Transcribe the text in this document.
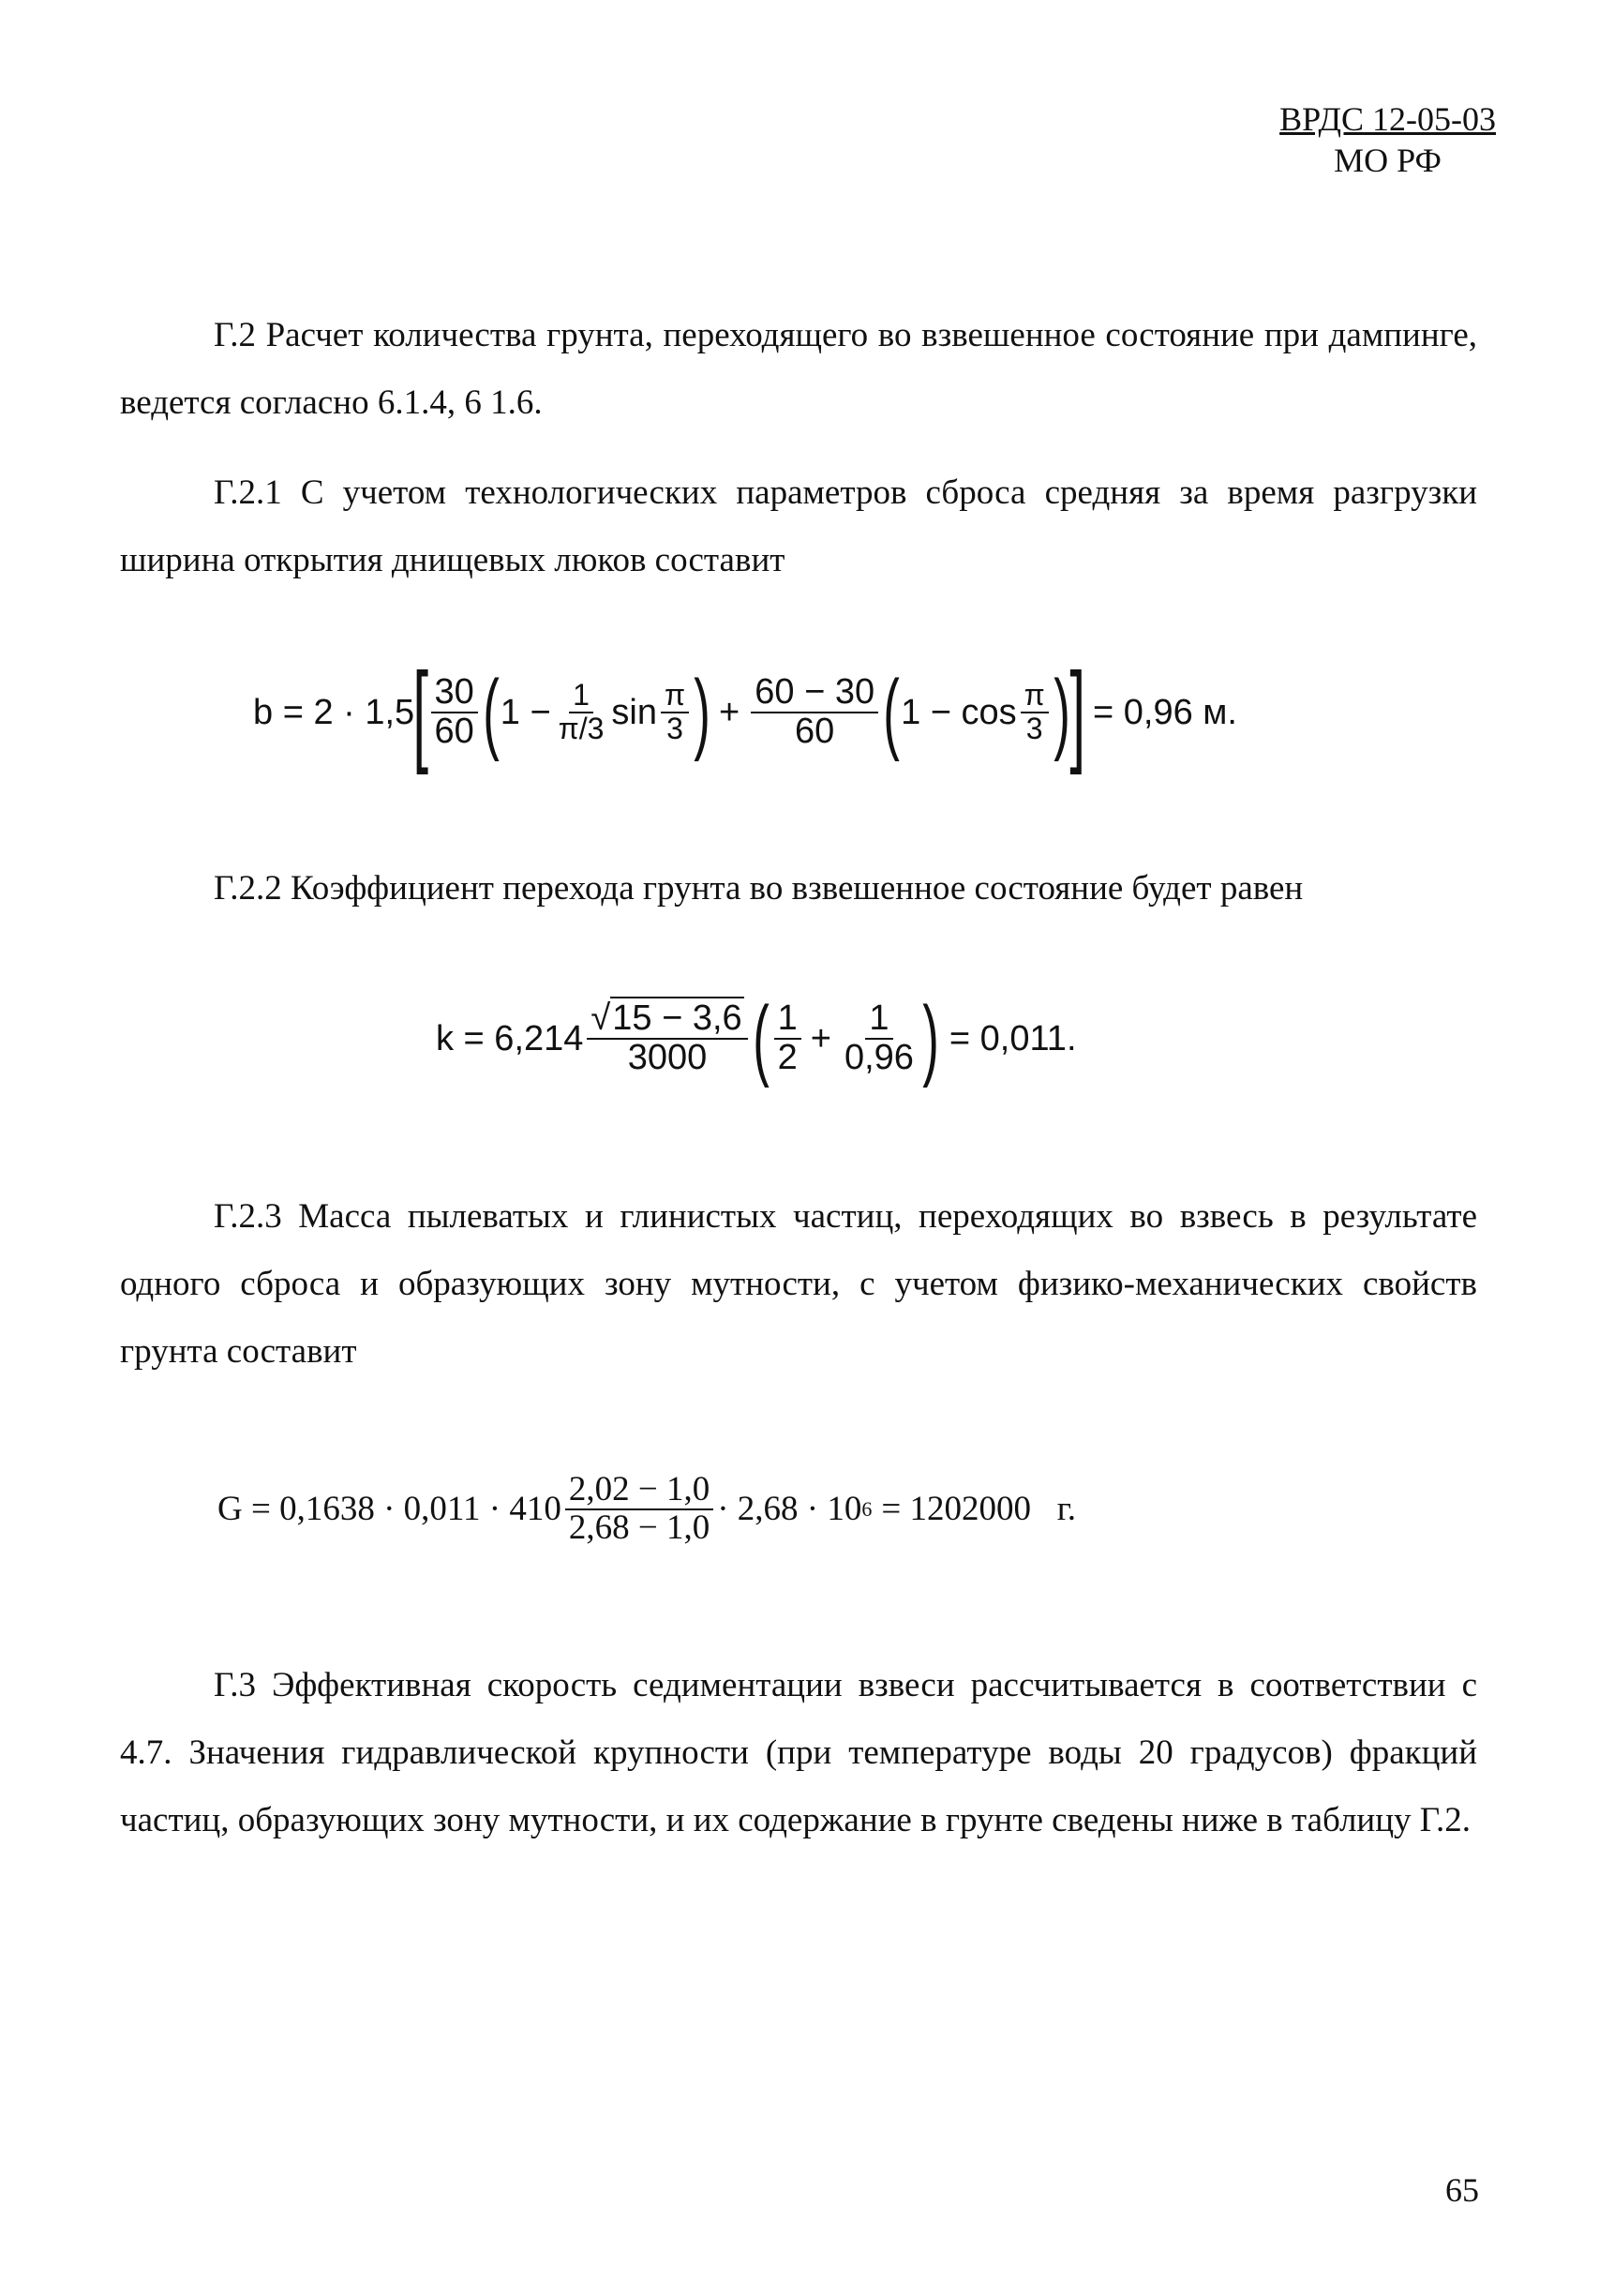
ВРДС 12-05-03
МО РФ

Г.2 Расчет количества грунта, переходящего во взвешенное состояние при дампинге, ведется согласно 6.1.4, 6 1.6.

Г.2.1 С учетом технологических параметров сброса средняя за время разгрузки ширина открытия днищевых люков составит

b = 2 · 1,5
[ $\frac{30}{60}$ ( $1 - \frac{1}{\pi/3}$ $\sin \frac{\pi}{3}$ ) + $\frac{60 - 30}{60}$ ( $1 - \cos \frac{\pi}{3}$ ) ] = 0,96 м.

Г.2.2 Коэффициент перехода грунта во взвешенное состояние будет равен

$k = 6,214 \frac{√15 - 3,6}{3000}$ ( $\frac{1}{2} + \frac{1}{0,96}$ ) = 0,011.

Г.2.3 Масса пылеватых и глинистых частиц, переходящих во взвесь в результате одного сброса и образующих зону мутности, с учетом физико-механических свойств грунта составит

$G = 0,1638 \cdot 0,011 \cdot 410 \frac{2,02 - 1,0}{2,68 - 1,0} \cdot 2,68 \cdot 10$ 6 = 1202000   г.

Г.3 Эффективная скорость седиментации взвеси рассчитывается в соответствии с 4.7. Значения гидравлической крупности (при температуре воды 20 градусов) фракций частиц, образующих зону мутности, и их содержание в грунте сведены ниже в таблицу Г.2.

65
